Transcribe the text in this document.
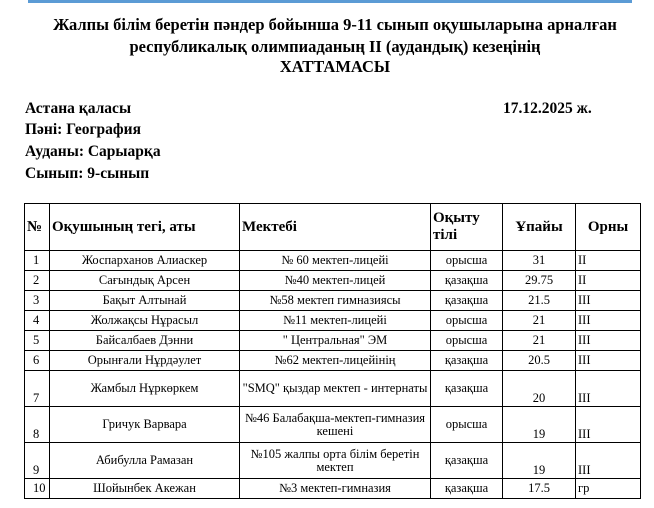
Жалпы білім беретін пәндер бойынша 9-11 сынып оқушыларына арналған
республикалық олимпиаданың II (аудандық) кезеңінің
ХАТТАМАСЫ
Астана қаласы	17.12.2025 ж.
Пәні: География
Ауданы: Сарыарқа
Сынып: 9-сынып
№	Оқушының тегі, аты	Мектебі	Оқыту тілі	Ұпайы	Орны
1	Жоспарханов Алиаскер	№ 60 мектеп-лицейі	орысша	31	II
2	Сағындық Арсен	№40 мектеп-лицей	қазақша	29.75	II
3	Бақыт Алтынай	№58 мектеп гимназиясы	қазақша	21.5	III
4	Жолжақсы Нұрасыл	№11 мектеп-лицейі	орысша	21	III
5	Байсалбаев Дэнни	" Центральная" ЭМ	орысша	21	III
6	Орынғали Нұрдәулет	№62 мектеп-лицейінің	қазақша	20.5	III
7	Жамбыл Нұркөркем	"SMQ" қыздар мектеп - интернаты	қазақша	20	III
8	Гричук Варвара	№46 Балабақша-мектеп-гимназия кешені	орысша	19	III
9	Абибулла Рамазан	№105 жалпы орта білім беретін мектеп	қазақша	19	III
10	Шойынбек Акежан	№3 мектеп-гимназия	қазақша	17.5	гр
